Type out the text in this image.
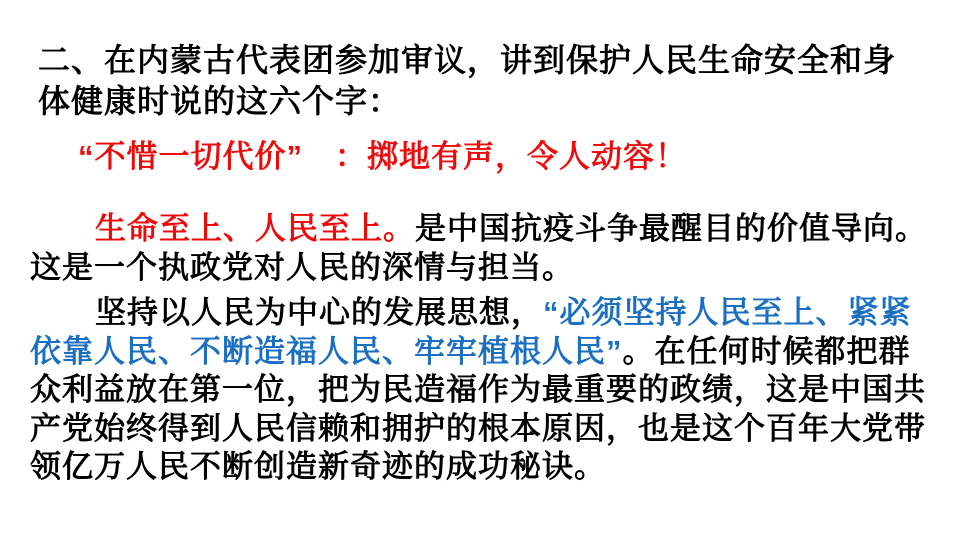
二、在内蒙古代表团参加审议，讲到保护人民生命安全和身
体健康时说的这六个字：
“不惜一切代价”　：掷地有声，令人动容！
生命至上、人民至上。是中国抗疫斗争最醒目的价值导向。
这是一个执政党对人民的深情与担当。
坚持以人民为中心的发展思想，“必须坚持人民至上、紧紧
依靠人民、不断造福人民、牢牢植根人民”。在任何时候都把群
众利益放在第一位，把为民造福作为最重要的政绩，这是中国共
产党始终得到人民信赖和拥护的根本原因，也是这个百年大党带
领亿万人民不断创造新奇迹的成功秘诀。
